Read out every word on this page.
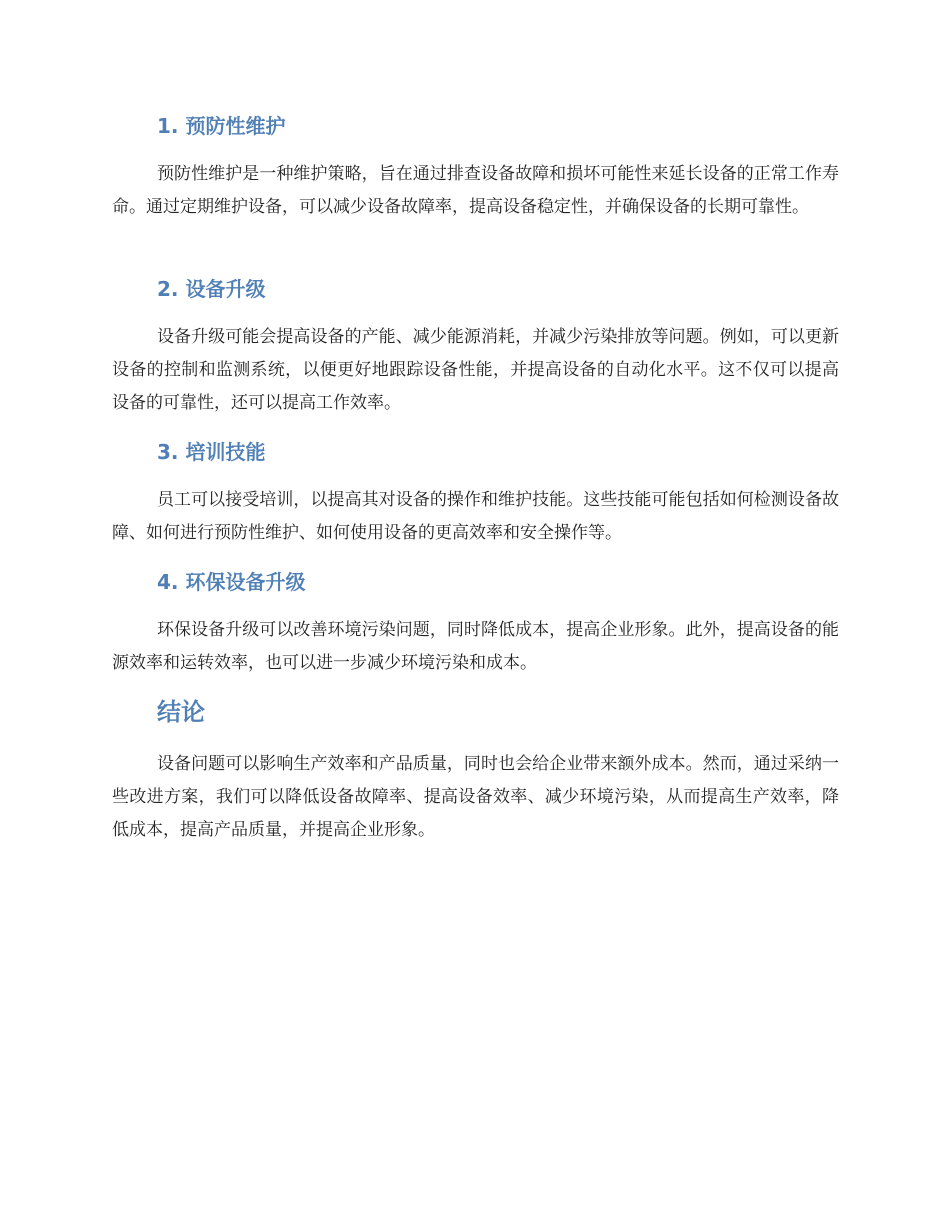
1. 预防性维护

预防性维护是一种维护策略，旨在通过排查设备故障和损坏可能性来延长设备的正常工作寿命。通过定期维护设备，可以减少设备故障率，提高设备稳定性，并确保设备的长期可靠性。

2. 设备升级

设备升级可能会提高设备的产能、减少能源消耗，并减少污染排放等问题。例如，可以更新设备的控制和监测系统，以便更好地跟踪设备性能，并提高设备的自动化水平。这不仅可以提高设备的可靠性，还可以提高工作效率。

3. 培训技能

员工可以接受培训，以提高其对设备的操作和维护技能。这些技能可能包括如何检测设备故障、如何进行预防性维护、如何使用设备的更高效率和安全操作等。

4. 环保设备升级

环保设备升级可以改善环境污染问题，同时降低成本，提高企业形象。此外，提高设备的能源效率和运转效率，也可以进一步减少环境污染和成本。

结论

设备问题可以影响生产效率和产品质量，同时也会给企业带来额外成本。然而，通过采纳一些改进方案，我们可以降低设备故障率、提高设备效率、减少环境污染，从而提高生产效率，降低成本，提高产品质量，并提高企业形象。
